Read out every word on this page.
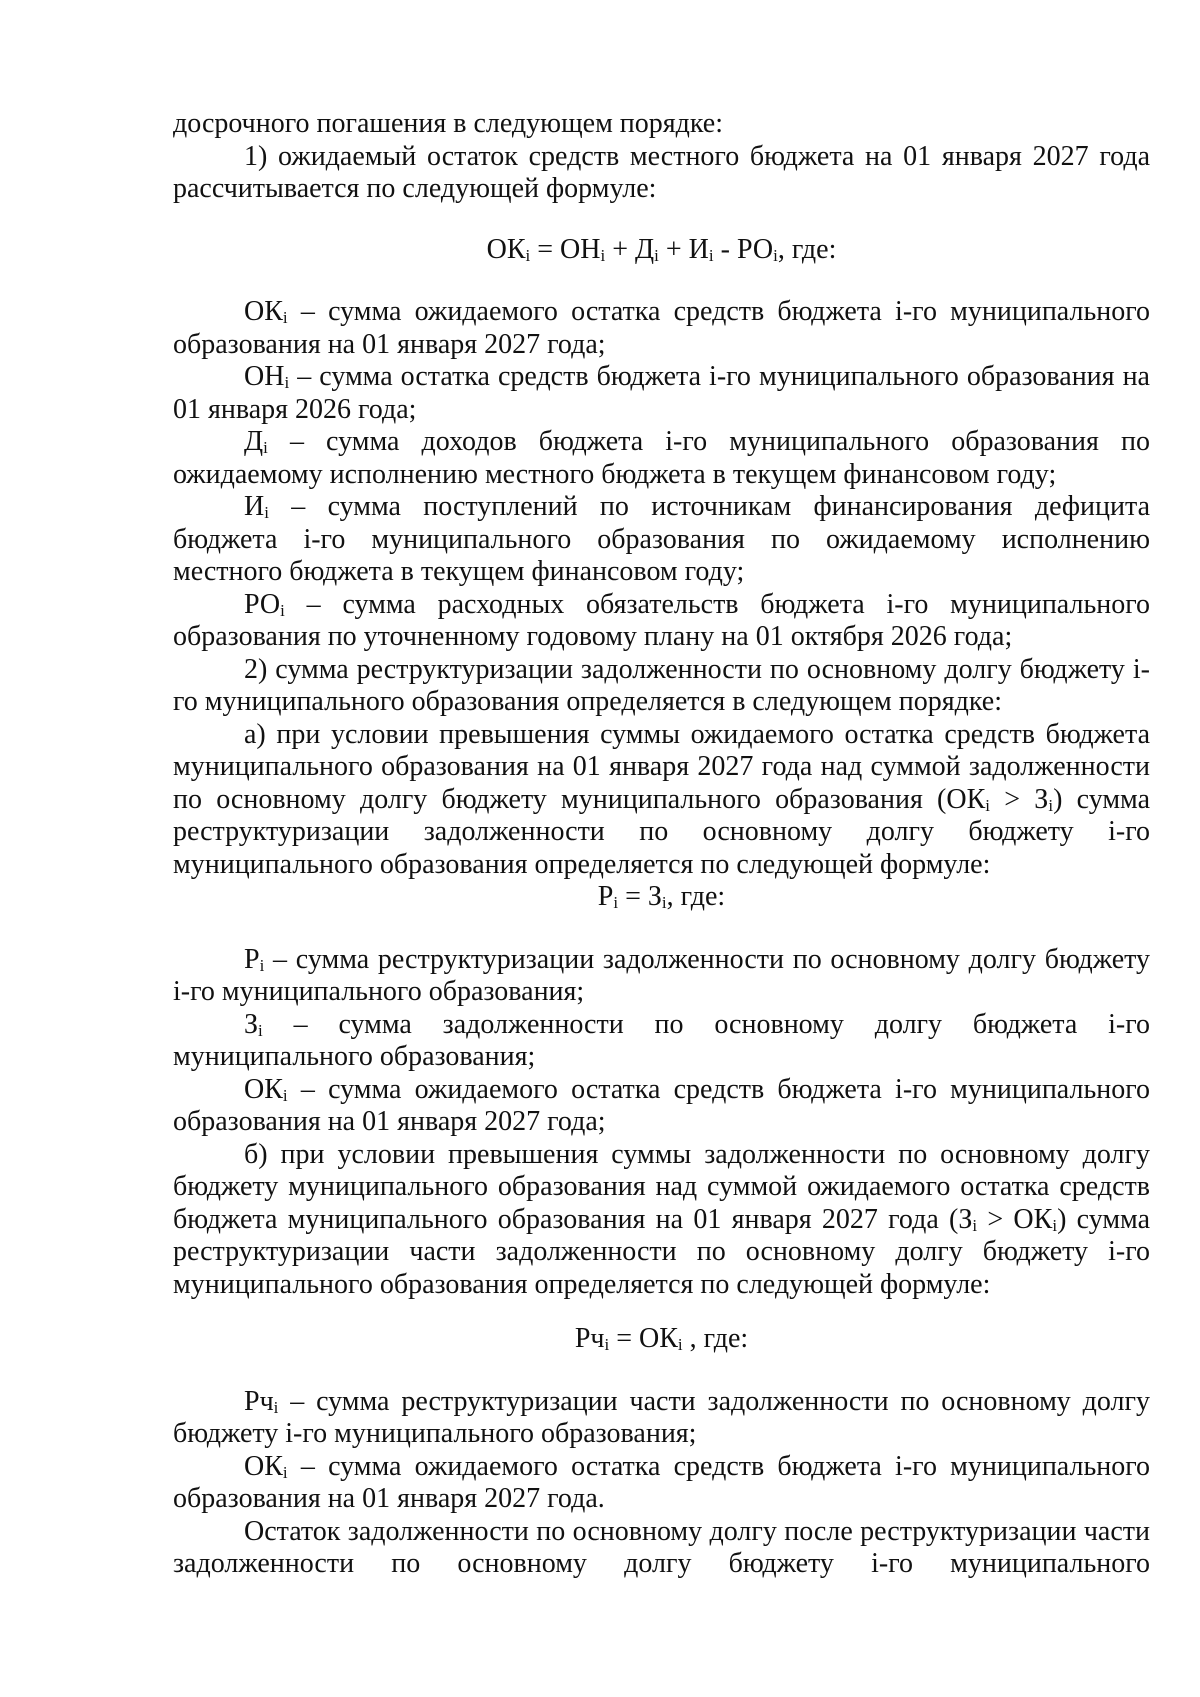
досрочного погашения в следующем порядке:

1) ожидаемый остаток средств местного бюджета на 01 января 2027 года рассчитывается по следующей формуле:

$ОК_i = ОН_i + Д_i + И_i - РО_i$, где:

$ОК_i$ – сумма ожидаемого остатка средств бюджета i-го муниципального образования на 01 января 2027 года;

$ОН_i$ – сумма остатка средств бюджета i-го муниципального образования на 01 января 2026 года;

$Д_i$ – сумма доходов бюджета i-го муниципального образования по ожидаемому исполнению местного бюджета в текущем финансовом году;

$И_i$ – сумма поступлений по источникам финансирования дефицита бюджета i-го муниципального образования по ожидаемому исполнению местного бюджета в текущем финансовом году;

$РО_i$ – сумма расходных обязательств бюджета i-го муниципального образования по уточненному годовому плану на 01 октября 2026 года;

2) сумма реструктуризации задолженности по основному долгу бюджету i-го муниципального образования определяется в следующем порядке:

а) при условии превышения суммы ожидаемого остатка средств бюджета муниципального образования на 01 января 2027 года над суммой задолженности по основному долгу бюджету муниципального образования $(ОК_i > З_i)$ сумма реструктуризации задолженности по основному долгу бюджету i-го муниципального образования определяется по следующей формуле:

$Р_i = З_i$, где:

$Р_i$ – сумма реструктуризации задолженности по основному долгу бюджету i-го муниципального образования;

$З_i$ – сумма задолженности по основному долгу бюджета i-го муниципального образования;

$ОК_i$ – сумма ожидаемого остатка средств бюджета i-го муниципального образования на 01 января 2027 года;

б) при условии превышения суммы задолженности по основному долгу бюджету муниципального образования над суммой ожидаемого остатка средств бюджета муниципального образования на 01 января 2027 года $(З_i > ОК_i)$ сумма реструктуризации части задолженности по основному долгу бюджету i-го муниципального образования определяется по следующей формуле:

$Рч_i = ОК_i$ , где:

$Рч_i$ – сумма реструктуризации части задолженности по основному долгу бюджету i-го муниципального образования;

$ОК_i$ – сумма ожидаемого остатка средств бюджета i-го муниципального образования на 01 января 2027 года.

Остаток задолженности по основному долгу после реструктуризации части задолженности по основному долгу бюджету i-го муниципального
